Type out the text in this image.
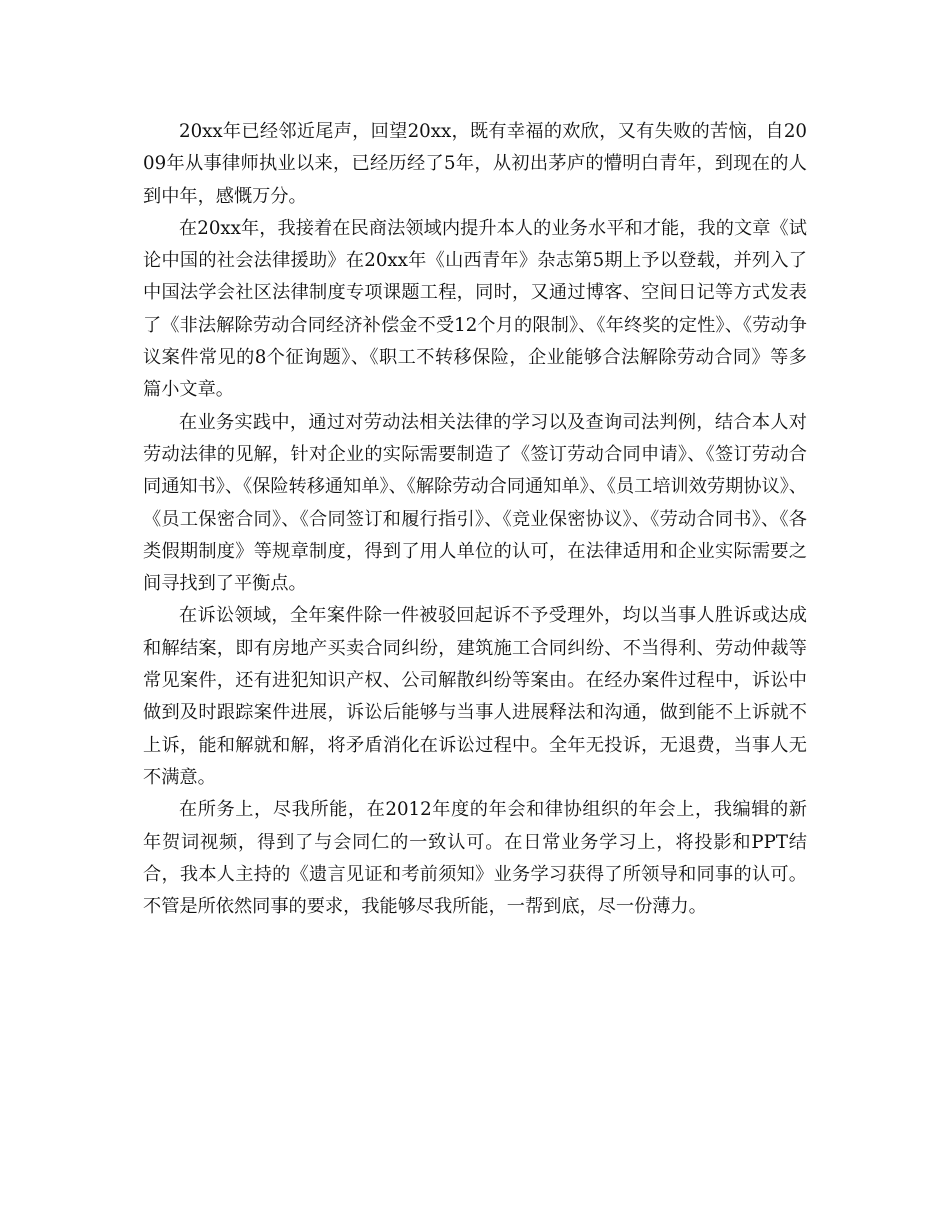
20xx年已经邻近尾声，回望20xx，既有幸福的欢欣，又有失败的苦恼，自2009年从事律师执业以来，已经历经了5年，从初出茅庐的懵明白青年，到现在的人到中年，感慨万分。

在20xx年，我接着在民商法领域内提升本人的业务水平和才能，我的文章《试论中国的社会法律援助》在20xx年《山西青年》杂志第5期上予以登载，并列入了中国法学会社区法律制度专项课题工程，同时，又通过博客、空间日记等方式发表了《非法解除劳动合同经济补偿金不受12个月的限制》、《年终奖的定性》、《劳动争议案件常见的8个征询题》、《职工不转移保险，企业能够合法解除劳动合同》等多篇小文章。

在业务实践中，通过对劳动法相关法律的学习以及查询司法判例，结合本人对劳动法律的见解，针对企业的实际需要制造了《签订劳动合同申请》、《签订劳动合同通知书》、《保险转移通知单》、《解除劳动合同通知单》、《员工培训效劳期协议》、《员工保密合同》、《合同签订和履行指引》、《竞业保密协议》、《劳动合同书》、《各类假期制度》等规章制度，得到了用人单位的认可，在法律适用和企业实际需要之间寻找到了平衡点。

在诉讼领域，全年案件除一件被驳回起诉不予受理外，均以当事人胜诉或达成和解结案，即有房地产买卖合同纠纷，建筑施工合同纠纷、不当得利、劳动仲裁等常见案件，还有进犯知识产权、公司解散纠纷等案由。在经办案件过程中，诉讼中做到及时跟踪案件进展，诉讼后能够与当事人进展释法和沟通，做到能不上诉就不上诉，能和解就和解，将矛盾消化在诉讼过程中。全年无投诉，无退费，当事人无不满意。

在所务上，尽我所能，在2012年度的年会和律协组织的年会上，我编辑的新年贺词视频，得到了与会同仁的一致认可。在日常业务学习上，将投影和PPT结合，我本人主持的《遗言见证和考前须知》业务学习获得了所领导和同事的认可。不管是所依然同事的要求，我能够尽我所能，一帮到底，尽一份薄力。
